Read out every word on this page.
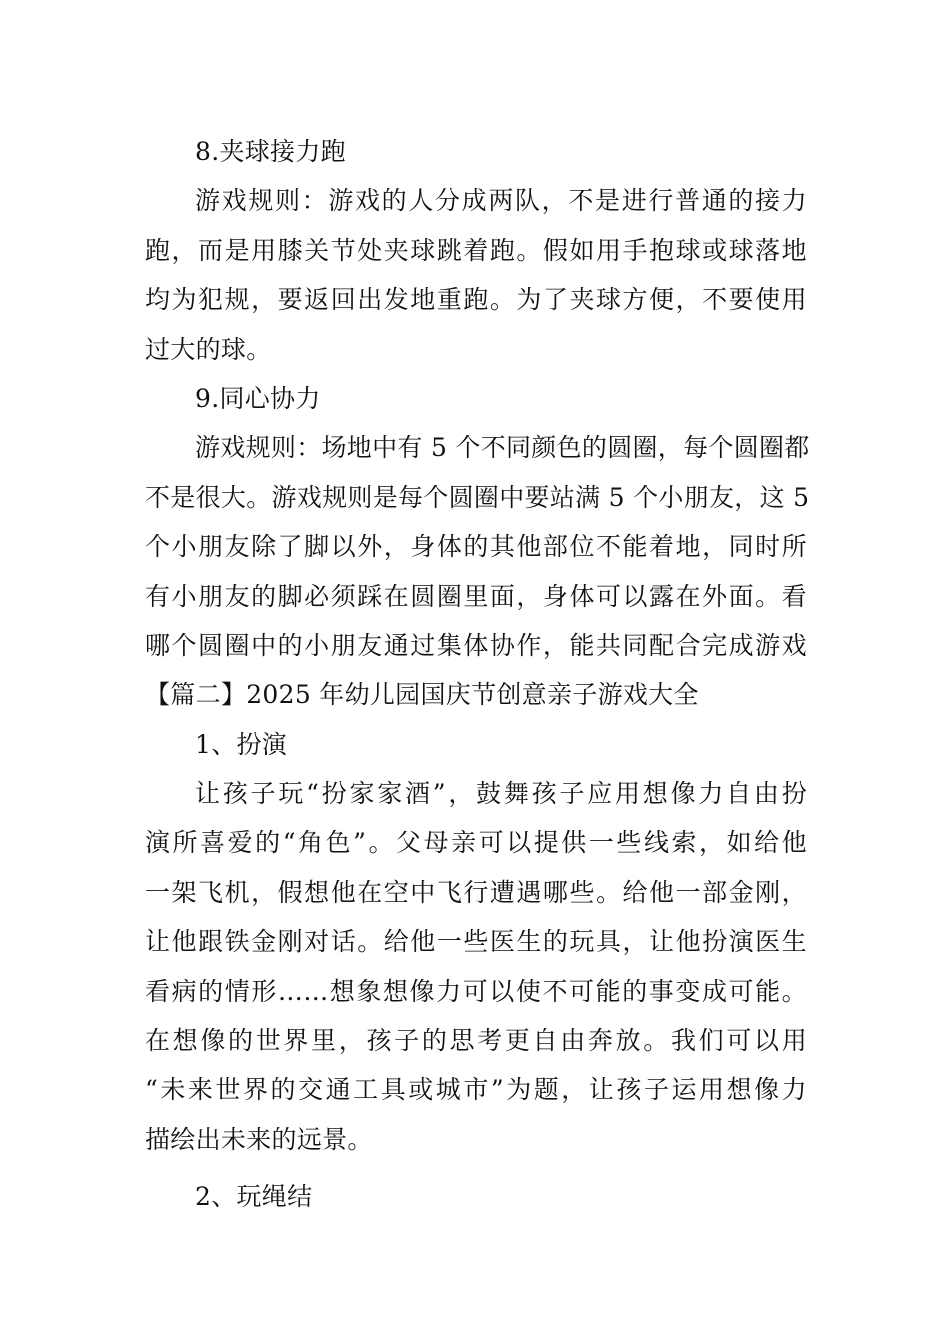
8.夹球接力跑
游戏规则：游戏的人分成两队，不是进行普通的接力
跑，而是用膝关节处夹球跳着跑。假如用手抱球或球落地
均为犯规，要返回出发地重跑。为了夹球方便，不要使用
过大的球。
9.同心协力
游戏规则：场地中有 5 个不同颜色的圆圈，每个圆圈都
不是很大。游戏规则是每个圆圈中要站满 5 个小朋友，这 5
个小朋友除了脚以外，身体的其他部位不能着地，同时所
有小朋友的脚必须踩在圆圈里面，身体可以露在外面。看
哪个圆圈中的小朋友通过集体协作，能共同配合完成游戏
【篇二】2025 年幼儿园国庆节创意亲子游戏大全
1、扮演
让孩子玩“扮家家酒”，鼓舞孩子应用想像力自由扮
演所喜爱的“角色”。父母亲可以提供一些线索，如给他
一架飞机，假想他在空中飞行遭遇哪些。给他一部金刚，
让他跟铁金刚对话。给他一些医生的玩具，让他扮演医生
看病的情形……想象想像力可以使不可能的事变成可能。
在想像的世界里，孩子的思考更自由奔放。我们可以用
“未来世界的交通工具或城市”为题，让孩子运用想像力
描绘出未来的远景。
2、玩绳结
